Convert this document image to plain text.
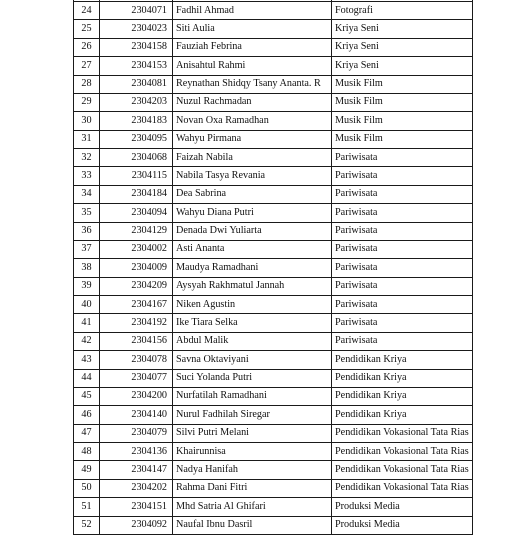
24	2304071	Fadhil Ahmad	Fotografi
25	2304023	Siti Aulia	Kriya Seni
26	2304158	Fauziah Febrina	Kriya Seni
27	2304153	Anisahtul Rahmi	Kriya Seni
28	2304081	Reynathan Shidqy Tsany Ananta. R	Musik Film
29	2304203	Nuzul Rachmadan	Musik Film
30	2304183	Novan Oxa Ramadhan	Musik Film
31	2304095	Wahyu Pirmana	Musik Film
32	2304068	Faizah Nabila	Pariwisata
33	2304115	Nabila Tasya Revania	Pariwisata
34	2304184	Dea Sabrina	Pariwisata
35	2304094	Wahyu Diana Putri	Pariwisata
36	2304129	Denada Dwi Yuliarta	Pariwisata
37	2304002	Asti Ananta	Pariwisata
38	2304009	Maudya Ramadhani	Pariwisata
39	2304209	Aysyah Rakhmatul Jannah	Pariwisata
40	2304167	Niken Agustin	Pariwisata
41	2304192	Ike Tiara Selka	Pariwisata
42	2304156	Abdul Malik	Pariwisata
43	2304078	Savna Oktaviyani	Pendidikan Kriya
44	2304077	Suci Yolanda Putri	Pendidikan Kriya
45	2304200	Nurfatilah Ramadhani	Pendidikan Kriya
46	2304140	Nurul Fadhilah Siregar	Pendidikan Kriya
47	2304079	Silvi Putri Melani	Pendidikan Vokasional Tata Rias
48	2304136	Khairunnisa	Pendidikan Vokasional Tata Rias
49	2304147	Nadya Hanifah	Pendidikan Vokasional Tata Rias
50	2304202	Rahma Dani Fitri	Pendidikan Vokasional Tata Rias
51	2304151	Mhd Satria Al Ghifari	Produksi Media
52	2304092	Naufal Ibnu Dasril	Produksi Media
